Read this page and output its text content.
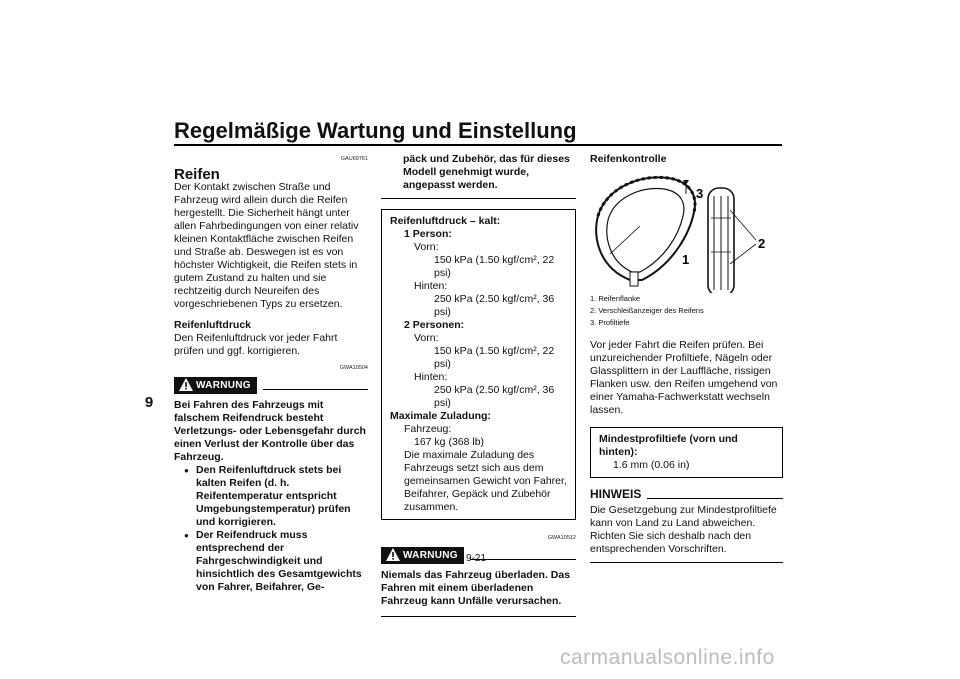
Regelmäßige Wartung und Einstellung
9
GAU69761
Reifen

Der Kontakt zwischen Straße und Fahrzeug wird allein durch die Reifen hergestellt. Die Sicherheit hängt unter allen Fahrbedingungen von einer relativ kleinen Kontaktfläche zwischen Reifen und Straße ab. Deswegen ist es von höchster Wichtigkeit, die Reifen stets in gutem Zustand zu halten und sie rechtzeitig durch Neureifen des vorgeschriebenen Typs zu ersetzen.

Reifenluftdruck

Den Reifenluftdruck vor jeder Fahrt prüfen und ggf. korrigieren.

GWA10504
WARNUNG

Bei Fahren des Fahrzeugs mit falschem Reifendruck besteht Verletzungs- oder Lebensgefahr durch einen Verlust der Kontrolle über das Fahrzeug.

● Den Reifenluftdruck stets bei kalten Reifen (d. h. Reifentemperatur entspricht Umgebungstemperatur) prüfen und korrigieren.
● Der Reifendruck muss entsprechend der Fahrgeschwindigkeit und hinsichtlich des Gesamtgewichts von Fahrer, Beifahrer, Ge-

päck und Zubehör, das für dieses Modell genehmigt wurde, angepasst werden.

Reifenluftdruck – kalt:

1 Person:

Vorn:

150 kPa (1.50 kgf/cm², 22 psi)

Hinten:

250 kPa (2.50 kgf/cm², 36 psi)

2 Personen:

Vorn:

150 kPa (1.50 kgf/cm², 22 psi)

Hinten:

250 kPa (2.50 kgf/cm², 36 psi)

Maximale Zuladung:

Fahrzeug:

167 kg (368 lb)

Die maximale Zuladung des Fahrzeugs setzt sich aus dem gemeinsamen Gewicht von Fahrer, Beifahrer, Gepäck und Zubehör zusammen.

GWA10512
WARNUNG

Niemals das Fahrzeug überladen. Das Fahren mit einem überladenen Fahrzeug kann Unfälle verursachen.

Reifenkontrolle

3
1
2
1. Reifenflanke
2. Verschleißanzeiger des Reifens
3. Profiltiefe

Vor jeder Fahrt die Reifen prüfen. Bei unzureichender Profiltiefe, Nägeln oder Glassplittern in der Lauffläche, rissigen Flanken usw. den Reifen umgehend von einer Yamaha-Fachwerkstatt wechseln lassen.

Mindestprofiltiefe (vorn und hinten):

1.6 mm (0.06 in)

HINWEIS

Die Gesetzgebung zur Mindestprofiltiefe kann von Land zu Land abweichen. Richten Sie sich deshalb nach den entsprechenden Vorschriften.

9-21
carmanualsonline.info
